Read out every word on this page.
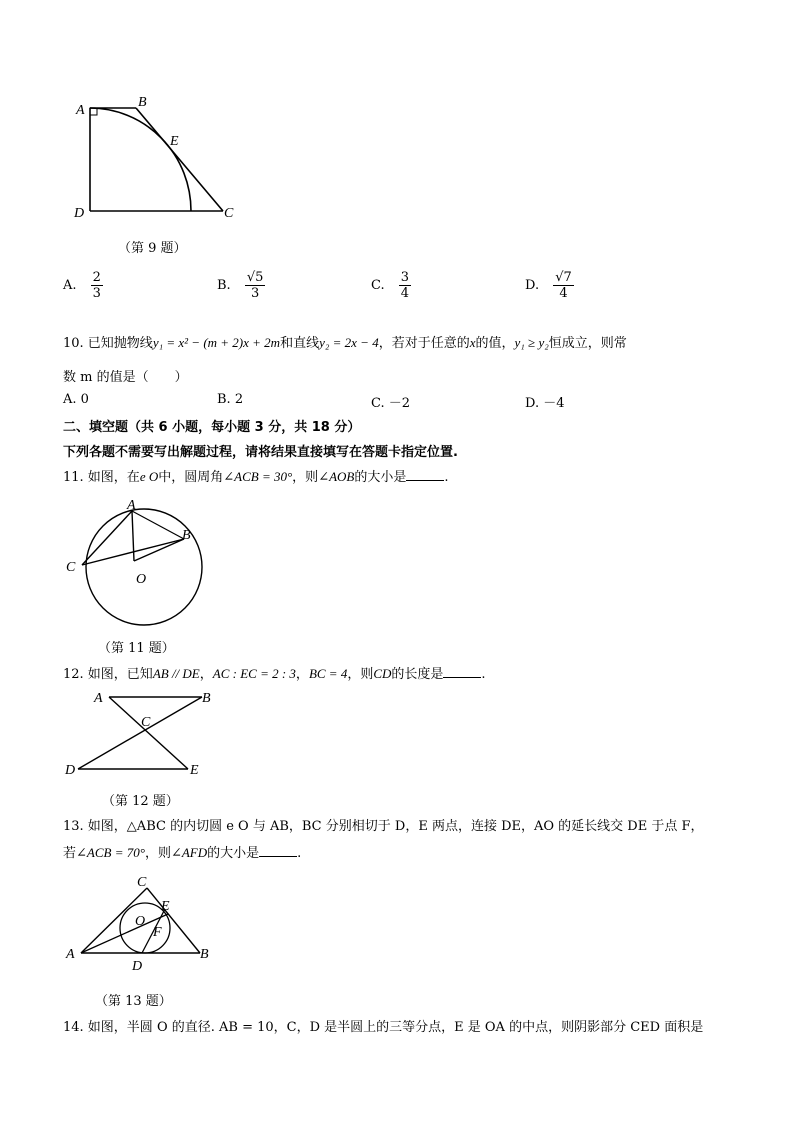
A
B
E
D	C
（第 9 题）
A. $\frac{2}{3}$	B. $\frac{√5}{3}$	C. $\frac{3}{4}$	D. $\frac{√7}{4}$
10. 已知抛物线y₁ = x² − (m + 2)x + 2m和直线y₂ = 2x − 4，若对于任意的x的值，y₁ ≥ y₂恒成立，则常
数 m 的值是（　　）
A. 0	B. 2	C. －2	D. －4
二、填空题（共 6 小题，每小题 3 分，共 18 分）
下列各题不需要写出解题过程，请将结果直接填写在答题卡指定位置.
11. 如图，在e O中，圆周角∠ACB = 30°，则∠AOB的大小是	.
A
B
C
O
（第 11 题）
12. 如图，已知AB // DE，AC : EC = 2 : 3，BC = 4，则CD的长度是	.
A	B
C
D	E
（第 12 题）
13. 如图，△ABC 的内切圆 e O 与 AB，BC 分别相切于 D，E 两点，连接 DE，AO 的延长线交 DE 于点 F，
若∠ACB = 70°，则∠AFD的大小是	.
C
E
O
F
A
D
B
（第 13 题）
14. 如图，半圆 O 的直径. AB = 10，C，D 是半圆上的三等分点，E 是 OA 的中点，则阴影部分 CED 面积是
